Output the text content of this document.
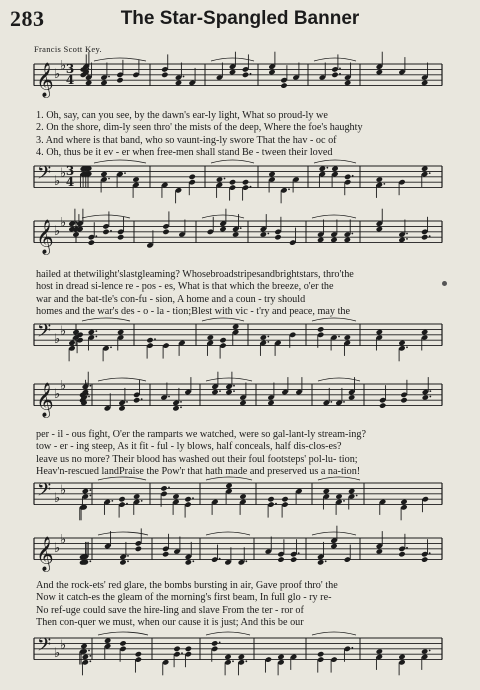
283	The Star-Spangled Banner
Francis Scott Key.
𝄞 ♭
♭ 3
4
1. Oh, say, can you see, by the dawn's ear-ly light, What so proud-ly we
2. On the shore, dim-ly seen thro' the mists of the deep, Where the foe's haughty
3. And where is that band, who so vaunt-ing-ly swore That the hav - oc of
4. Oh, thus be it ev - er when free-men shall stand Be - tween their loved
𝄢 ♭
♭ 3
4
𝄞 ♭
♭
hailed at thetwilight'slastgleaming? Whosebroadstripesandbrightstars, thro'the
host in dread si-lence re - pos - es, What is that which the breeze, o'er the
war and the bat-tle's con-fu - sion, A home and a coun - try should
homes and the war's des - o - la - tion;Blest with vic - t'ry and peace, may the
𝄢 ♭
♭
𝄞 ♭
♭
per - il - ous fight, O'er the ramparts we watched, were so gal-lant-ly stream-ing?
tow - er - ing steep, As it fit - ful - ly blows, half conceals, half dis-clos-es?
leave us no more? Their blood has washed out their foul footsteps' pol-lu- tion;
Heav'n-rescued landPraise the Pow'r that hath made and preserved us a na-tion!
𝄢 ♭
♭
𝄞 ♭
♭
And the rock-ets' red glare, the bombs bursting in air, Gave proof thro' the
Now it catch-es the gleam of the morning's first beam, In full glo - ry re-
No ref-uge could save the hire-ling and slave From the ter - ror of
Then con-quer we must, when our cause it is just; And this be our
𝄢 ♭
♭
